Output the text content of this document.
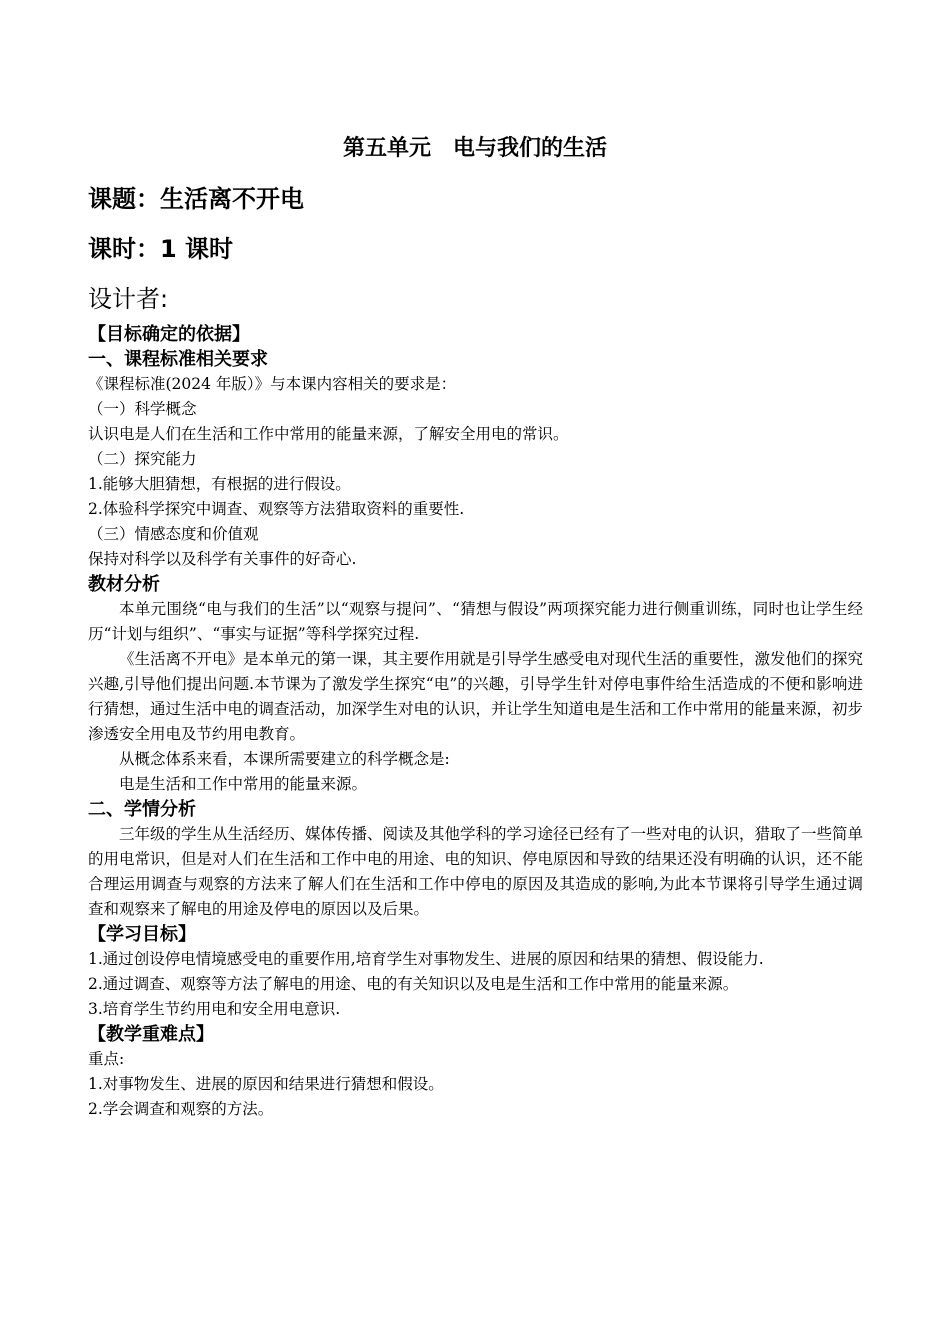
第五单元　电与我们的生活
课题：生活离不开电
课时：1 课时
设计者:

【目标确定的依据】

一、课程标准相关要求

《课程标准(2024 年版）》与本课内容相关的要求是：

（一）科学概念

认识电是人们在生活和工作中常用的能量来源，了解安全用电的常识。

（二）探究能力

1.能够大胆猜想，有根据的进行假设。

2.体验科学探究中调查、观察等方法猎取资料的重要性.

（三）情感态度和价值观

保持对科学以及科学有关事件的好奇心.

教材分析

本单元围绕“电与我们的生活”以“观察与提问”、“猜想与假设”两项探究能力进行侧重训练，同时也让学生经历“计划与组织”、“事实与证据”等科学探究过程.

《生活离不开电》是本单元的第一课，其主要作用就是引导学生感受电对现代生活的重要性，激发他们的探究兴趣,引导他们提出问题.本节课为了激发学生探究“电”的兴趣，引导学生针对停电事件给生活造成的不便和影响进行猜想，通过生活中电的调查活动，加深学生对电的认识，并让学生知道电是生活和工作中常用的能量来源，初步渗透安全用电及节约用电教育。

从概念体系来看，本课所需要建立的科学概念是:

电是生活和工作中常用的能量来源。

二、学情分析

三年级的学生从生活经历、媒体传播、阅读及其他学科的学习途径已经有了一些对电的认识，猎取了一些简单的用电常识，但是对人们在生活和工作中电的用途、电的知识、停电原因和导致的结果还没有明确的认识，还不能合理运用调查与观察的方法来了解人们在生活和工作中停电的原因及其造成的影响,为此本节课将引导学生通过调查和观察来了解电的用途及停电的原因以及后果。

【学习目标】

1.通过创设停电情境感受电的重要作用,培育学生对事物发生、进展的原因和结果的猜想、假设能力.

2.通过调查、观察等方法了解电的用途、电的有关知识以及电是生活和工作中常用的能量来源。

3.培育学生节约用电和安全用电意识.

【教学重难点】

重点:

1.对事物发生、进展的原因和结果进行猜想和假设。

2.学会调查和观察的方法。
